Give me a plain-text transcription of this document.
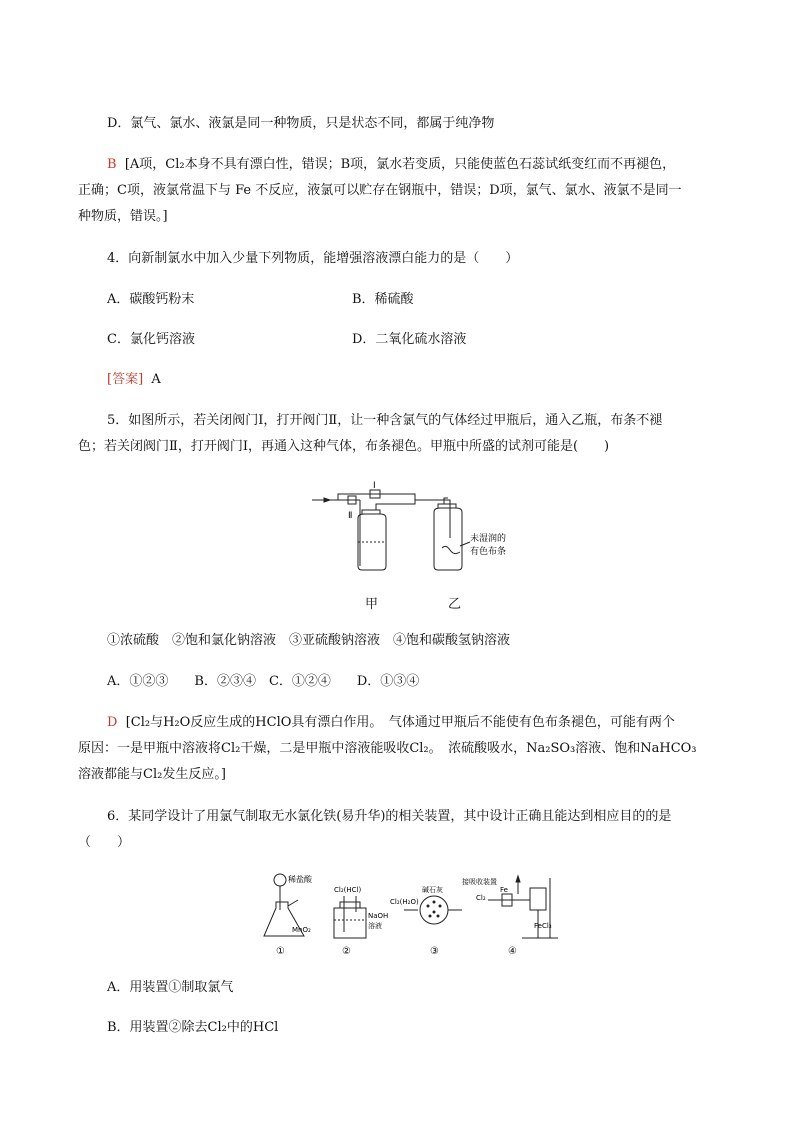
D．氯气、氯水、液氯是同一种物质，只是状态不同，都属于纯净物
B [A项，Cl₂本身不具有漂白性，错误；B项，氯水若变质，只能使蓝色石蕊试纸变红而不再褪色，
正确；C项，液氯常温下与 Fe 不反应，液氯可以贮存在钢瓶中，错误；D项，氯气、氯水、液氯不是同一
种物质，错误。]
4．向新制氯水中加入少量下列物质，能增强溶液漂白能力的是（　　）
A．碳酸钙粉末	B．稀硫酸
C．氯化钙溶液	D．二氧化硫水溶液
[答案] A
5．如图所示，若关闭阀门Ⅰ，打开阀门Ⅱ，让一种含氯气的气体经过甲瓶后，通入乙瓶，布条不褪
色；若关闭阀门Ⅱ，打开阀门Ⅰ，再通入这种气体，布条褪色。甲瓶中所盛的试剂可能是(　　)
Ⅰ
Ⅱ
未湿润的
有色布条
甲	乙
①浓硫酸　②饱和氯化钠溶液　③亚硫酸钠溶液　④饱和碳酸氢钠溶液
A．①②③　　B．②③④　C．①②④　　D．①③④
D [Cl₂与H₂O反应生成的HClO具有漂白作用。　气体通过甲瓶后不能使有色布条褪色，可能有两个
原因：一是甲瓶中溶液将Cl₂干燥，二是甲瓶中溶液能吸收Cl₂。　浓硫酸吸水，Na₂SO₃溶液、饱和NaHCO₃
溶液都能与Cl₂发生反应。]
6．某同学设计了用氯气制取无水氯化铁(易升华)的相关装置，其中设计正确且能达到相应目的的是
（　　）
稀盐酸
MnO₂
Cl₂(HCl)
NaOH
溶液
Cl₂(H₂O)
碱石灰
接吸收装置
Cl₂
Fe
FeCl₃
①	②	③	④
A．用装置①制取氯气
B．用装置②除去Cl₂中的HCl
